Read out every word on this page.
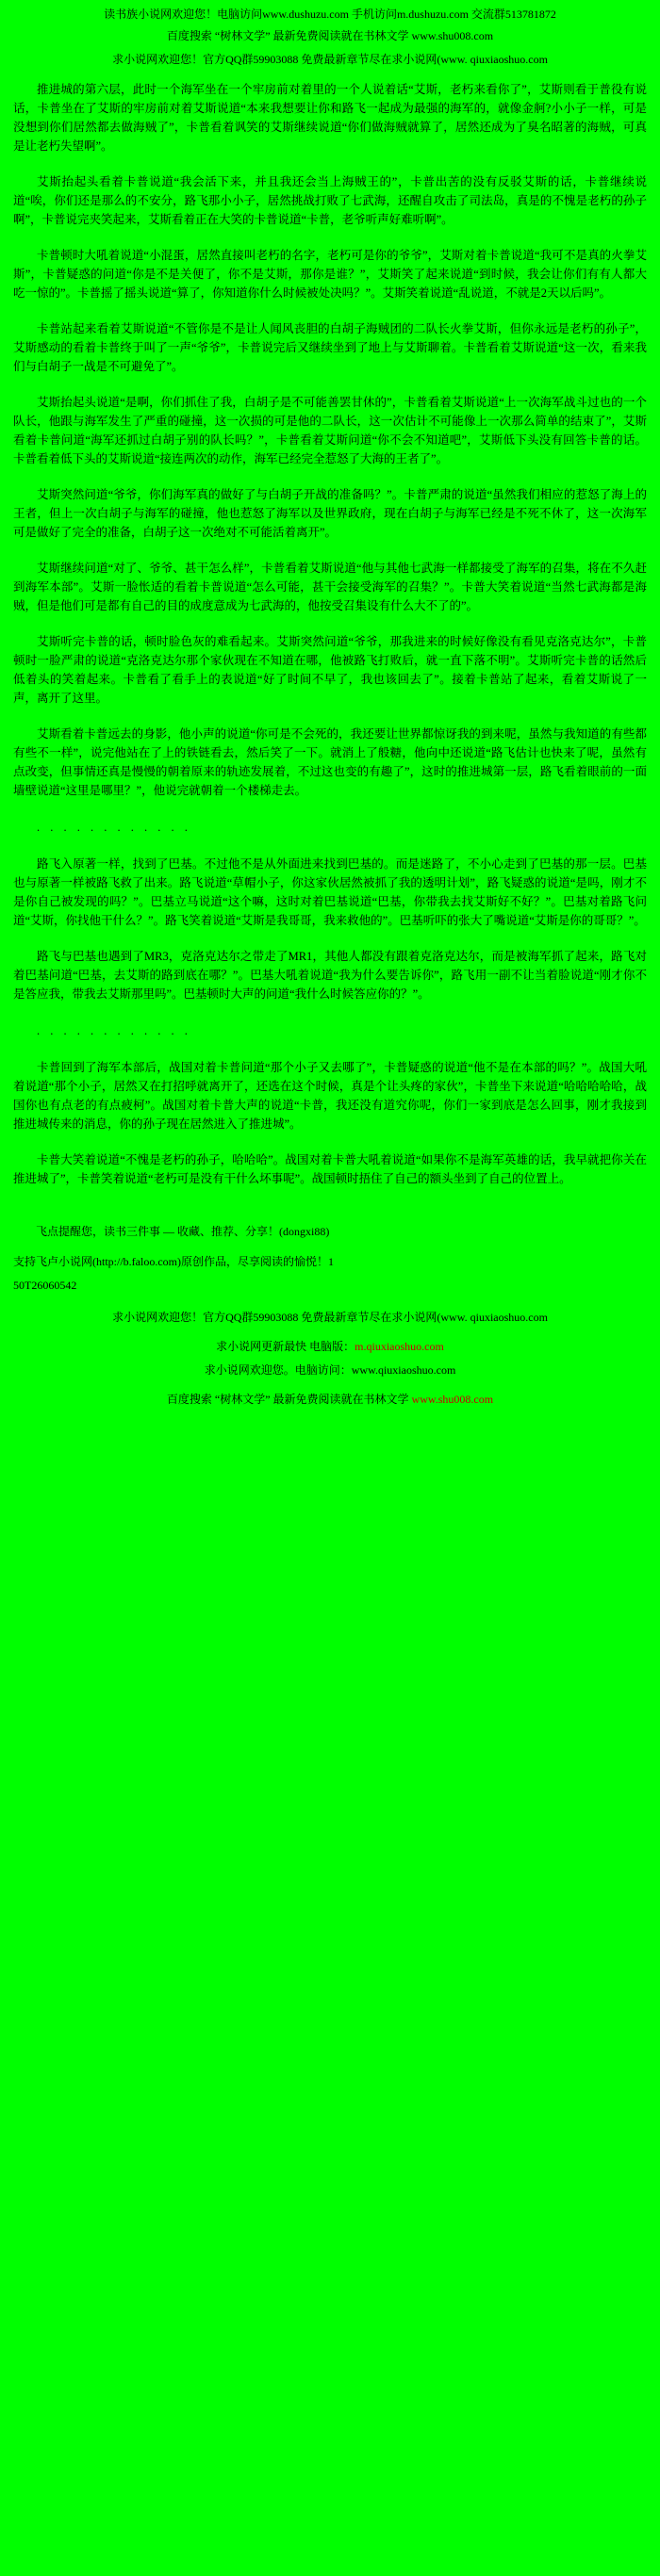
读书族小说网欢迎您！电脑访问www.dushuzu.com 手机访问m.dushuzu.com 交流群513781872
百度搜索 “树林文学” 最新免费阅读就在书林文学 www.shu008.com
求小说网欢迎您！官方QQ群59903088 免费最新章节尽在求小说网(www. qiuxiaoshuo.com

推进城的第六层，此时一个海军坐在一个牢房前对着里的一个人说着话“艾斯，老朽来看你了”，艾斯则看于普役有说话，卡普坐在了艾斯的牢房前对着艾斯说道“本来我想要让你和路飞一起成为最强的海军的，就像金舸?小小子一样，可是没想到你们居然都去做海贼了”，卡普看着讽笑的艾斯继续说道“你们做海贼就算了，居然还成为了臭名昭著的海贼，可真是让老朽失望啊”。

艾斯抬起头看着卡普说道“我会活下来，并且我还会当上海贼王的”，卡普出苦的没有反驳艾斯的话，卡普继续说道“唉，你们还是那么的不安分，路飞那小小子，居然挑战打败了七武海，还醒自攻击了司法岛，真是的不愧是老朽的孙子啊”，卡普说完夹笑起来，艾斯看着正在大笑的卡普说道“卡普，老爷听声好难听啊”。

卡普顿时大吼着说道“小混蛋，居然直接叫老朽的名字，老朽可是你的爷爷”，艾斯对着卡普说道“我可不是真的火拳艾斯”，卡普疑惑的问道“你是不是关便了，你不是艾斯，那你是谁？”，艾斯笑了起来说道“到时候，我会让你们有有人都大吃一惊的”。卡普摇了摇头说道“算了，你知道你什么时候被处决吗？”。艾斯笑着说道“乱说道，不就是2天以后吗”。

卡普站起来看着艾斯说道“不管你是不是让人闻风丧胆的白胡子海贼团的二队长火拳艾斯，但你永远是老朽的孙子”，艾斯感动的看着卡普终于叫了一声“爷爷”，卡普说完后又继续坐到了地上与艾斯聊着。卡普看着艾斯说道“这一次，看来我们与白胡子一战是不可避免了”。

艾斯抬起头说道“是啊，你们抓住了我，白胡子是不可能善罢甘休的”，卡普看着艾斯说道“上一次海军战斗过也的一个队长，他跟与海军发生了严重的碰撞，这一次损的可是他的二队长，这一次估计不可能像上一次那么简单的结束了”，艾斯看着卡普问道“海军还抓过白胡子别的队长吗？”，卡普看着艾斯问道“你不会不知道吧”，艾斯低下头没有回答卡普的话。卡普看着低下头的艾斯说道“接连两次的动作，海军已经完全惹怒了大海的王者了”。

艾斯突然问道“爷爷，你们海军真的做好了与白胡子开战的准备吗？”。卡普严肃的说道“虽然我们相应的惹怒了海上的王者，但上一次白胡子与海军的碰撞，他也惹怒了海军以及世界政府，现在白胡子与海军已经是不死不休了，这一次海军可是做好了完全的准备，白胡子这一次绝对不可能活着离开”。

艾斯继续问道“对了、爷爷、甚干怎么样”，卡普看着艾斯说道“他与其他七武海一样都接受了海军的召集，将在不久赶到海军本部”。艾斯一脸怅适的看着卡普说道“怎么可能，甚干会接受海军的召集？”。卡普大笑着说道“当然七武海都是海贼，但是他们可是都有自己的目的成度意成为七武海的，他按受召集设有什么大不了的”。

艾斯听完卡普的话，顿时脸色灰的难看起来。艾斯突然问道“爷爷，那我进来的时候好像没有看见克洛克达尔”，卡普顿时一脸严肃的说道“克洛克达尔那个家伙现在不知道在哪，他被路飞打败后，就一直下落不明”。艾斯听完卡普的话然后低着头的笑着起来。卡普看了看手上的表说道“好了时间不早了，我也该回去了”。接着卡普站了起来，看着艾斯说了一声，离开了这里。

艾斯看着卡普远去的身影，他小声的说道“你可是不会死的，我还要让世界都惊讶我的到来呢，虽然与我知道的有些都有些不一样”，说完他站在了上的铁链看去，然后笑了一下。就消上了般糖，他向中还说道“路飞估计也快来了呢，虽然有点改变，但事情还真是慢慢的朝着原来的轨迹发展着，不过这也变的有趣了”，这时的推进城第一层，路飞看着眼前的一面墙壁说道“这里是哪里？”，他说完就朝着一个楼梯走去。

. . . . . . . . . . . .

路飞入原著一样，找到了巴基。不过他不是从外面进来找到巴基的。而是迷路了，不小心走到了巴基的那一层。巴基也与原著一样被路飞救了出来。路飞说道“草帽小子，你这家伙居然被抓了我的透明计划”，路飞疑惑的说道“是吗，刚才不是你自己被发现的吗？”。巴基立马说道“这个嘛，这时对着巴基说道“巴基，你带我去找艾斯好不好？”。巴基对着路飞问道“艾斯，你找他干什么？”。路飞笑着说道“艾斯是我哥哥，我来救他的”。巴基听吓的张大了嘴说道“艾斯是你的哥哥？”。

路飞与巴基也遇到了MR3，克洛克达尔之带走了MR1，其他人都没有跟着克洛克达尔，而是被海军抓了起来，路飞对着巴基问道“巴基，去艾斯的路到底在哪？”。巴基大吼着说道“我为什么要告诉你”，路飞用一副不让当着脸说道“刚才你不是答应我，带我去艾斯那里吗”。巴基顿时大声的问道“我什么时候答应你的？”。

. . . . . . . . . . . .

卡普回到了海军本部后，战国对着卡普问道“那个小子又去哪了”，卡普疑惑的说道“他不是在本部的吗？”。战国大吼着说道“那个小子，居然又在打招呼就离开了，还选在这个时候，真是个让头疼的家伙”，卡普坐下来说道“哈哈哈哈哈，战国你也有点老的有点疲柯”。战国对着卡普大声的说道“卡普，我还没有道究你呢，你们一家到底是怎么回事，刚才我接到推进城传来的消息，你的孙子现在居然进入了推进城”。

卡普大笑着说道“不愧是老朽的孙子，哈哈哈”。战国对着卡普大吼着说道“如果你不是海军英雄的话，我早就把你关在推进城了”，卡普笑着说道“老朽可是没有干什么坏事呢”。战国顿时捂住了自己的额头坐到了自己的位置上。

飞点提醒您，读书三件事 — 收藏、推荐、分享！(dongxi88)
支持飞卢小说网(http://b.faloo.com)原创作品，尽享阅读的愉悦！1
50T26060542
求小说网欢迎您！官方QQ群59903088 免费最新章节尽在求小说网(www. qiuxiaoshuo.com
求小说网更新最快 电脑版：m.qiuxiaoshuo.com
求小说网欢迎您。电脑访问：www.qiuxiaoshuo.com
百度搜索 “树林文学” 最新免费阅读就在书林文学 www.shu008.com
